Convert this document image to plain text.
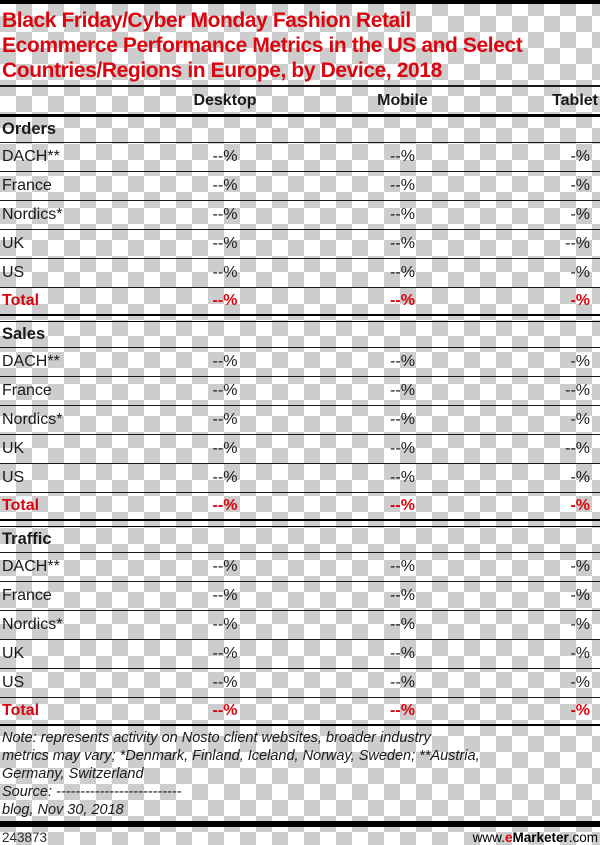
Black Friday/Cyber Monday Fashion Retail
Ecommerce Performance Metrics in the US and Select
Countries/Regions in Europe, by Device, 2018
Desktop	Mobile	Tablet
Orders
DACH**	--%	--%	-%
France	--%	--%	-%
Nordics*	--%	--%	-%
UK	--%	--%	--%
US	--%	--%	-%
Total	--%	--%	-%
Sales
DACH**	--%	--%	-%
France	--%	--%	--%
Nordics*	--%	--%	-%
UK	--%	--%	--%
US	--%	--%	-%
Total	--%	--%	-%
Traffic
DACH**	--%	--%	-%
France	--%	--%	-%
Nordics*	--%	--%	-%
UK	--%	--%	-%
US	--%	--%	-%
Total	--%	--%	-%
Note: represents activity on Nosto client websites, broader industry
metrics may vary; *Denmark, Finland, Iceland, Norway, Sweden; **Austria,
Germany, Switzerland
Source: --------------------------
blog, Nov 30, 2018
243873	www.eMarketer.com
